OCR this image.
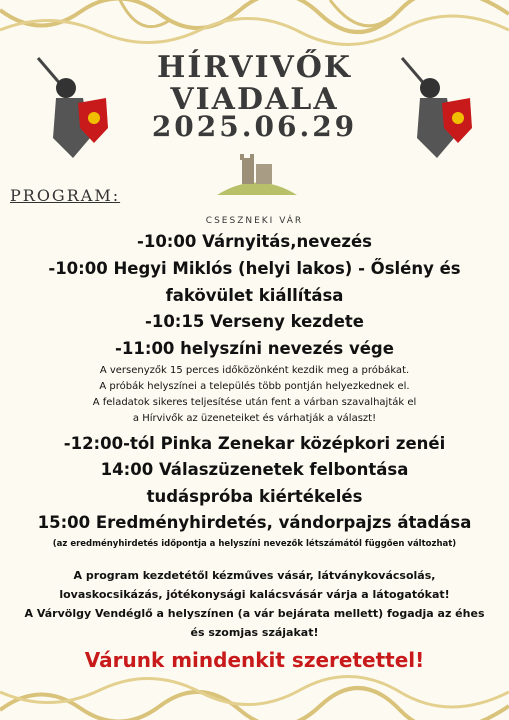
HÍRVIVŐK
VIADALA
2025.06.29
PROGRAM:
CSESZNEKI VÁR
-10:00 Várnyitás,nevezés
-10:00 Hegyi Miklós (helyi lakos) - Őslény és
fakövület kiállítása
-10:15 Verseny kezdete
-11:00 helyszíni nevezés vége
A versenyzők 15 perces időközönként kezdik meg a próbákat.
A próbák helyszínei a település több pontján helyezkednek el.
A feladatok sikeres teljesítése után fent a várban szavalhajták el
a Hírvivők az üzeneteiket és várhatják a választ!
-12:00-tól Pinka Zenekar középkori zenéi
14:00 Válaszüzenetek felbontása
tudáspróba kiértékelés
15:00 Eredményhirdetés, vándorpajzs átadása
(az eredményhirdetés időpontja a helyszíni nevezők létszámától függően változhat)
A program kezdetétől kézműves vásár, látványkovácsolás,
lovaskocsikázás, jótékonysági kalácsvásár várja a látogatókat!
A Várvölgy Vendéglő a helyszínen (a vár bejárata mellett) fogadja az éhes
és szomjas szájakat!
Várunk mindenkit szeretettel!
